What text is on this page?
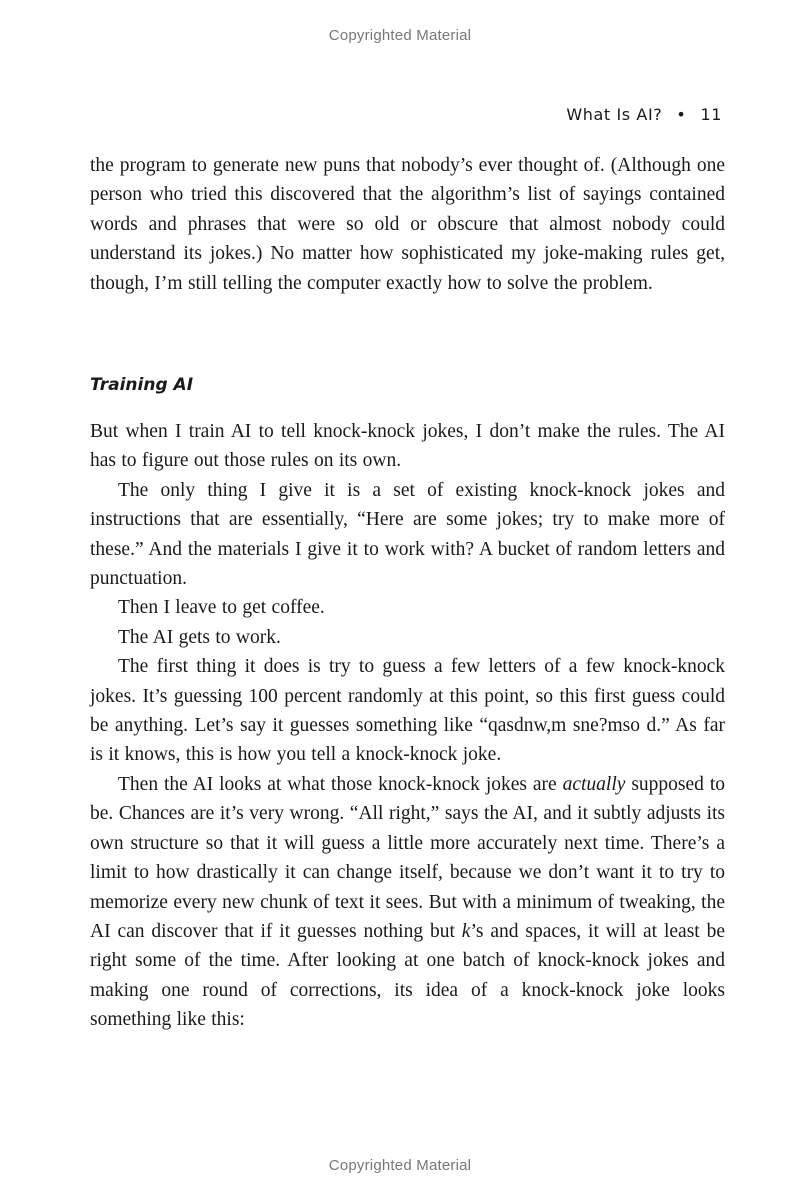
Copyrighted Material
What Is AI? • 11

the program to generate new puns that nobody’s ever thought of. (Although one person who tried this discovered that the algorithm’s list of sayings contained words and phrases that were so old or obscure that almost nobody could understand its jokes.) No matter how sophisticated my joke-making rules get, though, I’m still telling the computer exactly how to solve the problem.

Training AI

But when I train AI to tell knock-knock jokes, I don’t make the rules. The AI has to figure out those rules on its own.

The only thing I give it is a set of existing knock-knock jokes and instructions that are essentially, “Here are some jokes; try to make more of these.” And the materials I give it to work with? A bucket of random letters and punctuation.

Then I leave to get coffee.

The AI gets to work.

The first thing it does is try to guess a few letters of a few knock-knock jokes. It’s guessing 100 percent randomly at this point, so this first guess could be anything. Let’s say it guesses something like “qasdnw,m sne?mso d.” As far is it knows, this is how you tell a knock-knock joke.

Then the AI looks at what those knock-knock jokes are actually supposed to be. Chances are it’s very wrong. “All right,” says the AI, and it subtly adjusts its own structure so that it will guess a little more accurately next time. There’s a limit to how drastically it can change itself, because we don’t want it to try to memorize every new chunk of text it sees. But with a minimum of tweaking, the AI can discover that if it guesses nothing but k’s and spaces, it will at least be right some of the time. After looking at one batch of knock-knock jokes and making one round of corrections, its idea of a knock-knock joke looks something like this:

Copyrighted Material
